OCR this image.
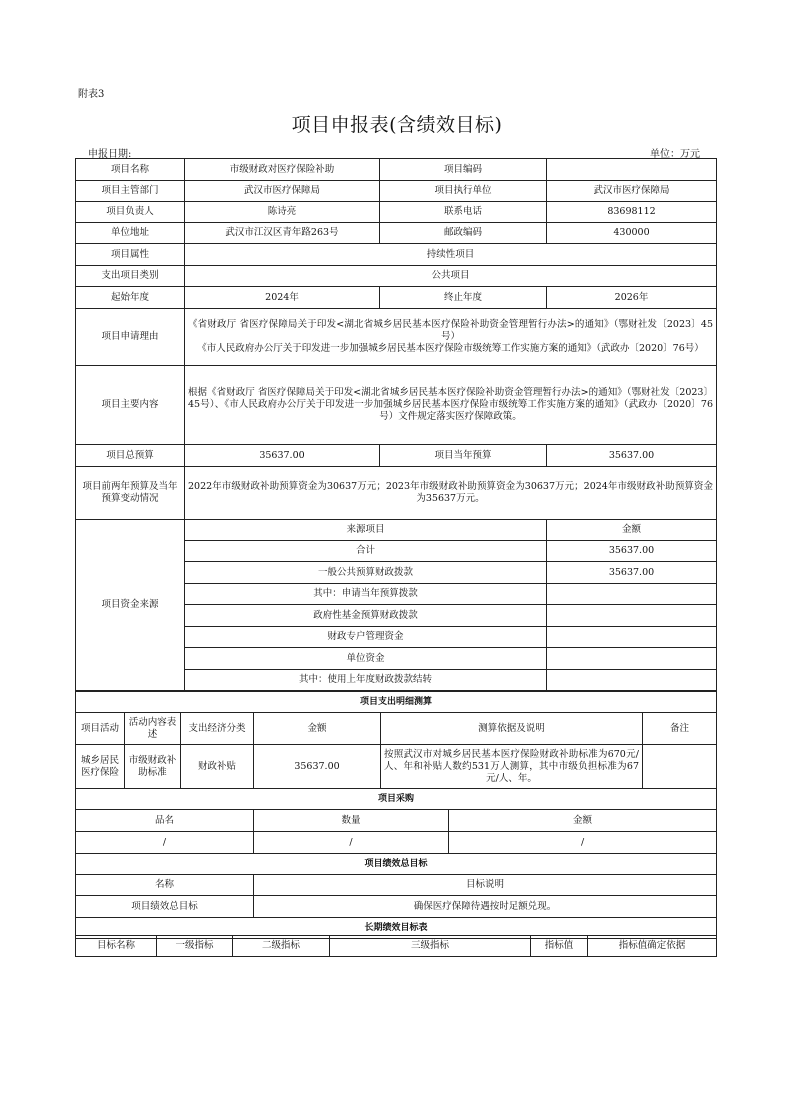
附表3
项目申报表(含绩效目标)
申报日期:	单位：万元
项目名称	市级财政对医疗保险补助	项目编码	
项目主管部门	武汉市医疗保障局	项目执行单位	武汉市医疗保障局
项目负责人	陈诗亮	联系电话	83698112
单位地址	武汉市江汉区青年路263号	邮政编码	430000
项目属性	持续性项目		
支出项目类别	公共项目		
起始年度	2024年	终止年度	2026年
项目申请理由	《省财政厅 省医疗保障局关于印发<湖北省城乡居民基本医疗保险补助资金管理暂行办法>的通知》（鄂财社发〔2023〕45号）
《市人民政府办公厅关于印发进一步加强城乡居民基本医疗保险市级统筹工作实施方案的通知》（武政办〔2020〕76号）		
项目主要内容	根据《省财政厅 省医疗保障局关于印发<湖北省城乡居民基本医疗保险补助资金管理暂行办法>的通知》（鄂财社发〔2023〕45号）、《市人民政府办公厅关于印发进一步加强城乡居民基本医疗保险市级统筹工作实施方案的通知》（武政办〔2020〕76号）文件规定落实医疗保障政策。		
项目总预算	35637.00	项目当年预算	35637.00
项目前两年预算及当年预算变动情况	2022年市级财政补助预算资金为30637万元；2023年市级财政补助预算资金为30637万元；2024年市级财政补助预算资金为35637万元。		
项目资金来源	来源项目		金额
	合计		35637.00
	一般公共预算财政拨款		35637.00
	其中：申请当年预算拨款		
	政府性基金预算财政拨款		
	财政专户管理资金		
	单位资金		
	其中：使用上年度财政拨款结转		
项目支出明细测算						
项目活动	活动内容表述	支出经济分类	金额	测算依据及说明		备注
城乡居民医疗保险	市级财政补助标准	财政补贴	35637.00	按照武汉市对城乡居民基本医疗保险财政补助标准为670元/人、年和补贴人数约531万人测算，其中市级负担标准为67元/人、年。		
项目采购						
品名			数量		金额	
/			/		/	
项目绩效总目标						
名称			目标说明			
项目绩效总目标			确保医疗保障待遇按时足额兑现。			
长期绩效目标表						
目标名称	一级指标	二级指标	三级指标	指标值	指标值确定依据
